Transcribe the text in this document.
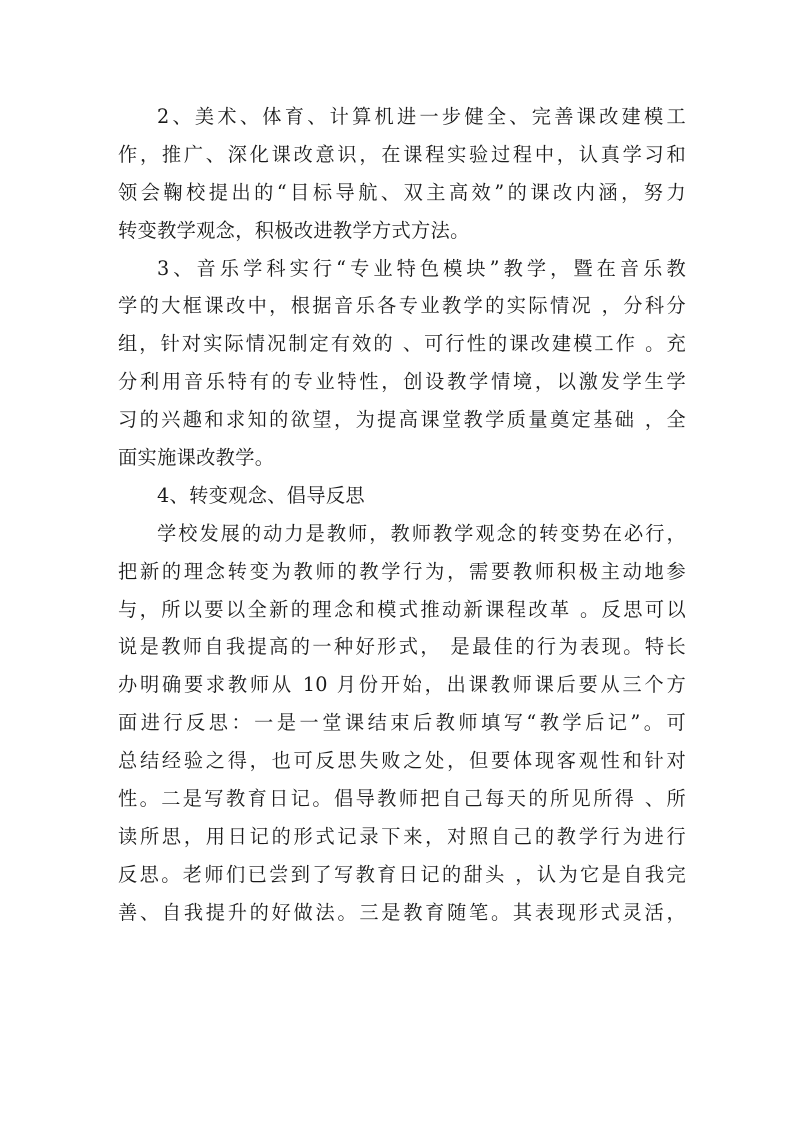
2、美术、体育、计算机进一步健全、完善课改建模工
作，推广、深化课改意识，在课程实验过程中，认真学习和
领会鞠校提出的“目标导航、双主高效”的课改内涵，努力
转变教学观念，积极改进教学方式方法。
3、音乐学科实行“专业特色模块”教学，暨在音乐教
学的大框课改中，根据音乐各专业教学的实际情况 ，分科分
组，针对实际情况制定有效的 、可行性的课改建模工作 。充
分利用音乐特有的专业特性，创设教学情境，以激发学生学
习的兴趣和求知的欲望，为提高课堂教学质量奠定基础 ，全
面实施课改教学。
4、转变观念、倡导反思
学校发展的动力是教师，教师教学观念的转变势在必行，
把新的理念转变为教师的教学行为，需要教师积极主动地参
与，所以要以全新的理念和模式推动新课程改革 。反思可以
说是教师自我提高的一种好形式， 是最佳的行为表现。特长
办明确要求教师从 10 月份开始，出课教师课后要从三个方
面进行反思：一是一堂课结束后教师填写“教学后记”。可
总结经验之得，也可反思失败之处，但要体现客观性和针对
性。二是写教育日记。倡导教师把自己每天的所见所得 、所
读所思，用日记的形式记录下来，对照自己的教学行为进行
反思。老师们已尝到了写教育日记的甜头 ，认为它是自我完
善、自我提升的好做法。三是教育随笔。其表现形式灵活，
